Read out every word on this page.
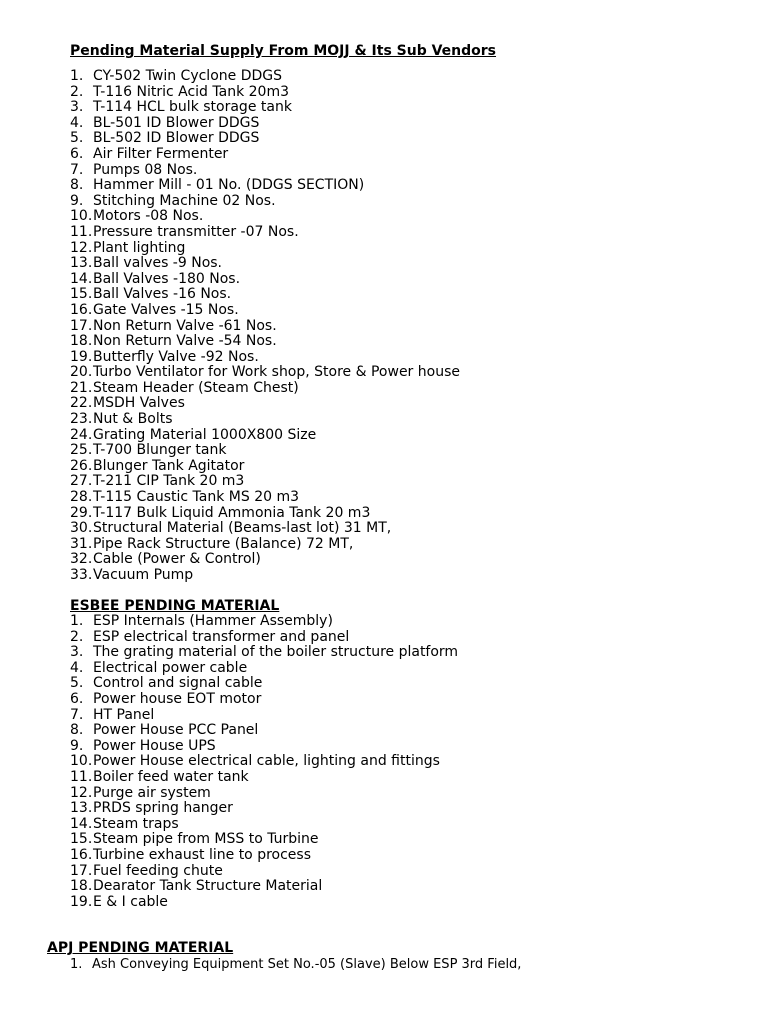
Pending Material Supply From MOJJ & Its Sub Vendors
1. CY-502 Twin Cyclone DDGS
2. T-116 Nitric Acid Tank 20m3
3. T-114 HCL bulk storage tank
4. BL-501 ID Blower DDGS
5. BL-502 ID Blower DDGS
6. Air Filter Fermenter
7. Pumps 08 Nos.
8. Hammer Mill - 01 No. (DDGS SECTION)
9. Stitching Machine 02 Nos.
10. Motors -08 Nos.
11. Pressure transmitter -07 Nos.
12. Plant lighting
13. Ball valves -9 Nos.
14. Ball Valves -180 Nos.
15. Ball Valves -16 Nos.
16. Gate Valves -15 Nos.
17. Non Return Valve -61 Nos.
18. Non Return Valve -54 Nos.
19. Butterfly Valve -92 Nos.
20. Turbo Ventilator for Work shop, Store & Power house
21. Steam Header (Steam Chest)
22. MSDH Valves
23. Nut & Bolts
24. Grating Material 1000X800 Size
25. T-700 Blunger tank
26. Blunger Tank Agitator
27. T-211 CIP Tank 20 m3
28. T-115 Caustic Tank MS 20 m3
29. T-117 Bulk Liquid Ammonia Tank 20 m3
30. Structural Material (Beams-last lot) 31 MT,
31. Pipe Rack Structure (Balance) 72 MT,
32. Cable (Power & Control)
33. Vacuum Pump
ESBEE PENDING MATERIAL
1. ESP Internals (Hammer Assembly)
2. ESP electrical transformer and panel
3. The grating material of the boiler structure platform
4. Electrical power cable
5. Control and signal cable
6. Power house EOT motor
7. HT Panel
8. Power House PCC Panel
9. Power House UPS
10. Power House electrical cable, lighting and fittings
11. Boiler feed water tank
12. Purge air system
13. PRDS spring hanger
14. Steam traps
15. Steam pipe from MSS to Turbine
16. Turbine exhaust line to process
17. Fuel feeding chute
18. Dearator Tank Structure Material
19. E & I cable
APJ PENDING MATERIAL
1. Ash Conveying Equipment Set No.-05 (Slave) Below ESP 3rd Field,
